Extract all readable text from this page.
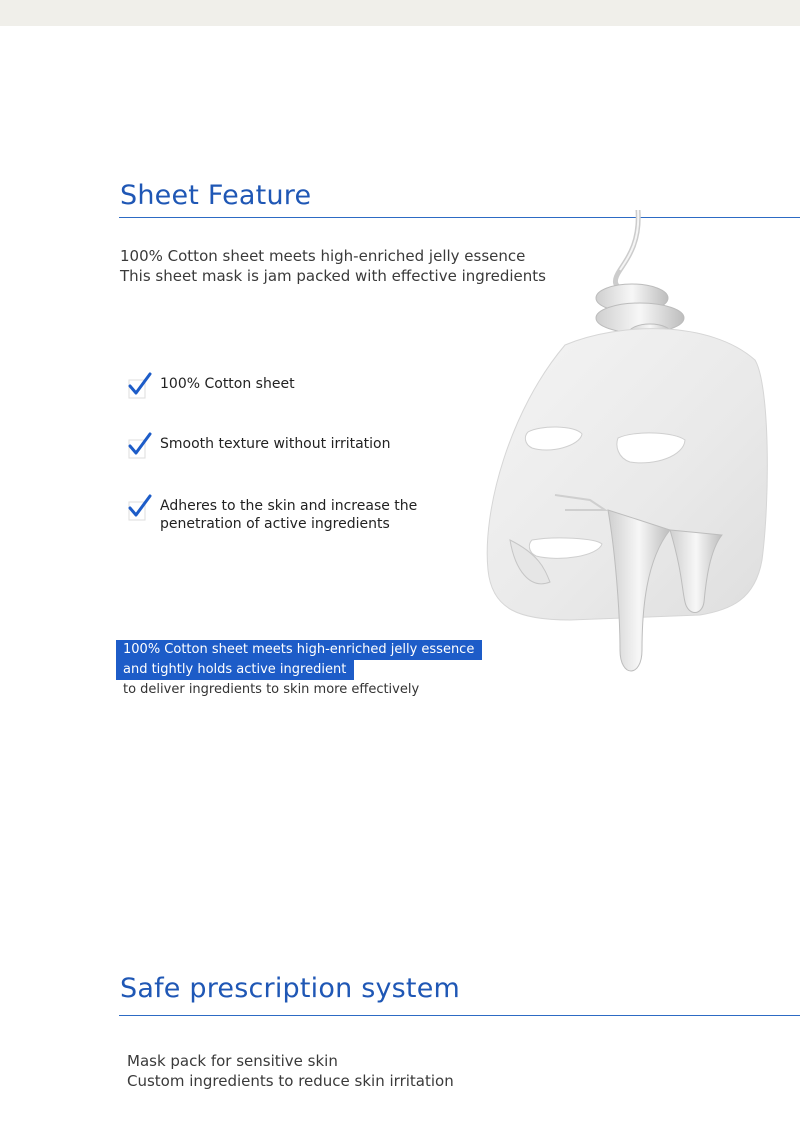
Sheet Feature
100% Cotton sheet meets high-enriched jelly essence
This sheet mask is jam packed with effective ingredients
100% Cotton sheet
Smooth texture without irritation
Adheres to the skin and increase the
penetration of active ingredients
100% Cotton sheet meets high-enriched jelly essence
and tightly holds active ingredient
to deliver ingredients to skin more effectively
Safe prescription system
Mask pack for sensitive skin
Custom ingredients to reduce skin irritation
